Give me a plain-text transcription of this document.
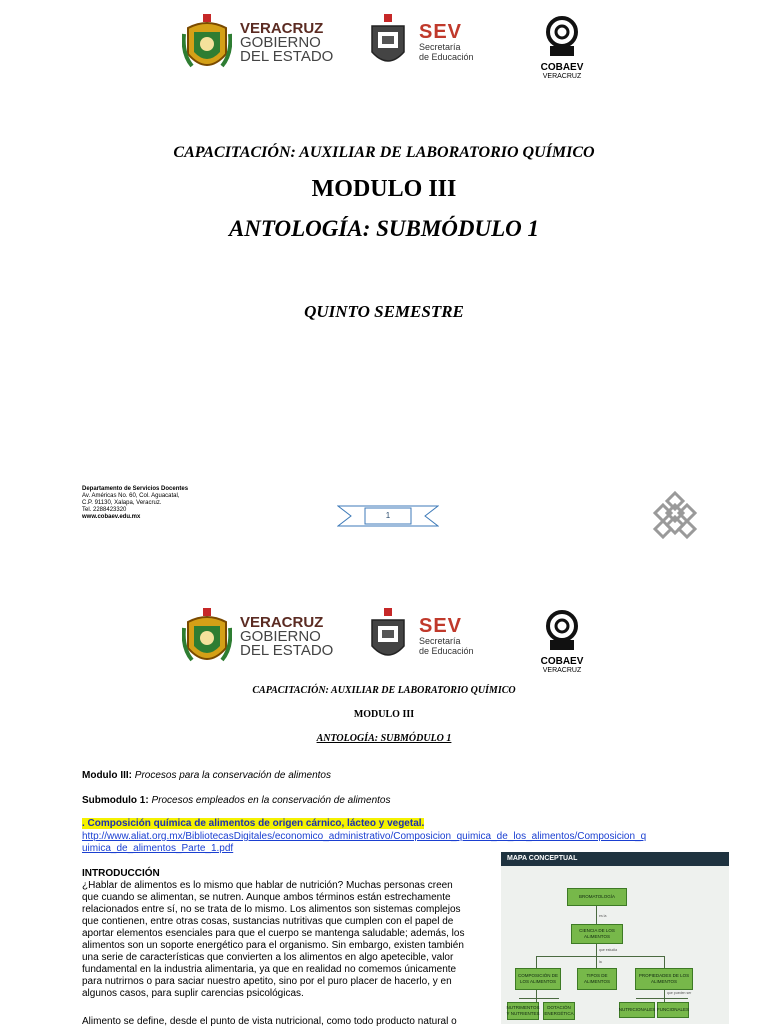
VERACRUZ
GOBIERNO
DEL ESTADO
SEV
Secretaría
de Educación
COBAEV
VERACRUZ
CAPACITACIÓN: AUXILIAR DE LABORATORIO QUÍMICO
MODULO III
ANTOLOGÍA: SUBMÓDULO 1
QUINTO SEMESTRE
Departamento de Servicios Docentes
Av. Américas No. 60, Col. Aguacatal,
C.P. 91130, Xalapa, Veracruz.
Tel. 2288423320
www.cobaev.edu.mx	1
VERACRUZ
GOBIERNO
DEL ESTADO
SEV
Secretaría
de Educación
COBAEV
VERACRUZ
CAPACITACIÓN: AUXILIAR DE LABORATORIO QUÍMICO
MODULO III
ANTOLOGÍA: SUBMÓDULO 1
Modulo III: Procesos para la conservación de alimentos
Submodulo 1: Procesos empleados en la conservación de alimentos
. Composición química de alimentos de origen cárnico, lácteo y vegetal.
http://www.aliat.org.mx/BibliotecasDigitales/economico_administrativo/Composicion_quimica_de_los_alimentos/Composicion_q
uimica_de_alimentos_Parte_1.pdf
INTRODUCCIÓN
¿Hablar de alimentos es lo mismo que hablar de nutrición? Muchas personas creen
que cuando se alimentan, se nutren. Aunque ambos términos están estrechamente
relacionados entre sí, no se trata de lo mismo. Los alimentos son sistemas complejos
que contienen, entre otras cosas, sustancias nutritivas que cumplen con el papel de
aportar elementos esenciales para que el cuerpo se mantenga saludable; además, los
alimentos son un soporte energético para el organismo. Sin embargo, existen también
una serie de características que convierten a los alimentos en algo apetecible, valor
fundamental en la industria alimentaria, ya que en realidad no comemos únicamente
para nutrirnos o para saciar nuestro apetito, sino por el puro placer de hacerlo, y en
algunos casos, para suplir carencias psicológicas.
Alimento se define, desde el punto de vista nutricional, como todo producto natural o
MAPA CONCEPTUAL
es la
que estudia
la
que pueden ser
BROMATOLOGÍA
CIENCIA DE LOS ALIMENTOS
COMPOSICIÓN DE LOS ALIMENTOS
TIPOS DE ALIMENTOS
PROPIEDADES DE LOS ALIMENTOS
NUTRIMENTOS Y NUTRIENTES
DOTACIÓN ENERGÉTICA
NUTRICIONALES FUNCIONALES
